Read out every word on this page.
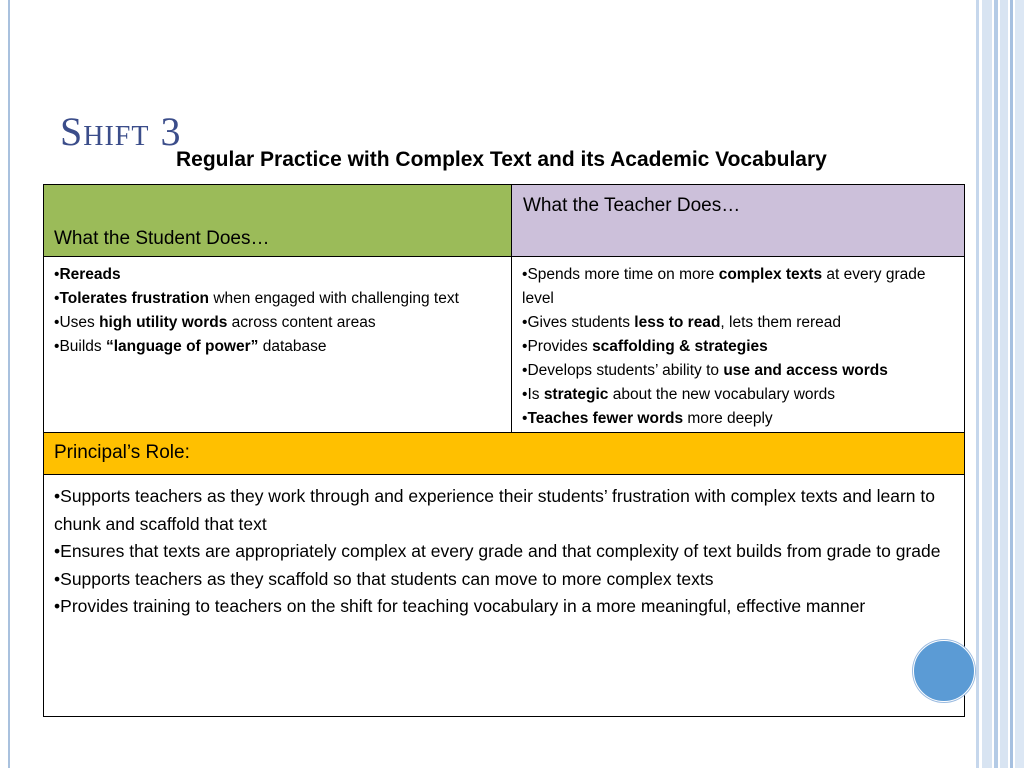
Shift 3
Regular Practice with Complex Text and its Academic Vocabulary
What the Student Does…
What the Teacher Does…
•Rereads
•Tolerates frustration when engaged with challenging text
•Uses high utility words across content areas
•Builds “language of power” database
•Spends more time on more complex texts at every grade level
•Gives students less to read, lets them reread
•Provides scaffolding & strategies
•Develops students’ ability to use and access words
•Is strategic about the new vocabulary words
•Teaches fewer words more deeply
Principal’s Role:
•Supports teachers as they work through and experience their students’ frustration with complex texts and learn to chunk and scaffold that text
•Ensures that texts are appropriately complex at every grade and that complexity of text builds from grade to grade
•Supports teachers as they scaffold so that students can move to more complex texts
•Provides training to teachers on the shift for teaching vocabulary in a more meaningful, effective manner
